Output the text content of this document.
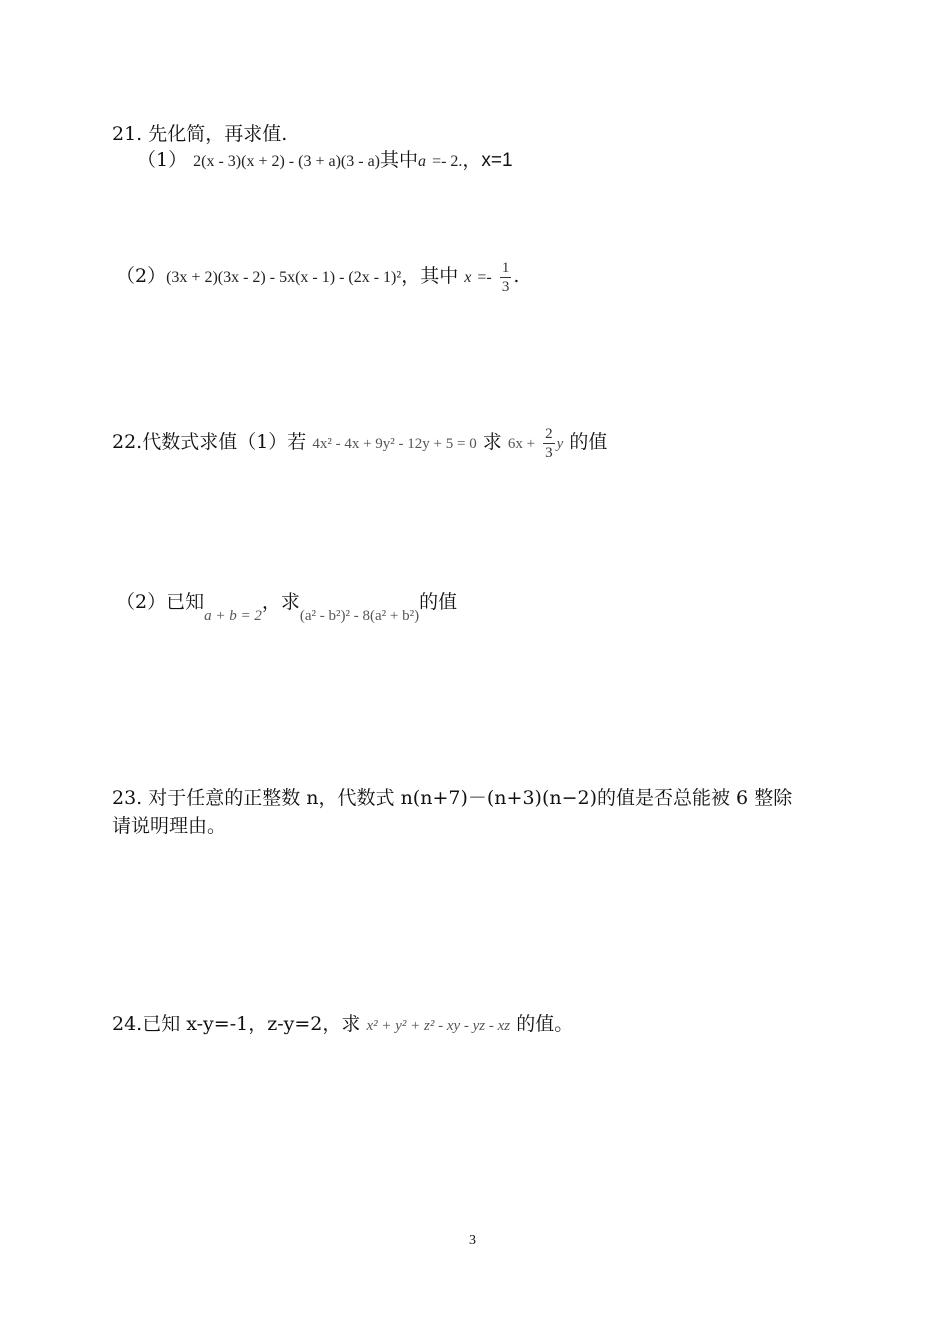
21. 先化简，再求值.
（1） 2(x - 3)(x + 2) - (3 + a)(3 - a)其中a =- 2.，x=1
（2）(3x + 2)(3x - 2) - 5x(x - 1) - (2x - 1)²，其中 $x =- \frac{1}{3}$ .
22.代数式求值（1）若 4x² - 4x + 9y² - 12y + 5 = 0 求 $6x + \frac{2}{3}$ y 的值
（2）已知$_{a + b = 2}$，求$_{(a^2 - b^2)^2 - 8(a^2 + b^2)}$的值
23. 对于任意的正整数 n，代数式 n(n+7)－(n+3)(n−2)的值是否总能被 6 整除
请说明理由。
24.已知 x-y=-1，z-y=2，求 x² + y² + z² - xy - yz - xz 的值。
3
